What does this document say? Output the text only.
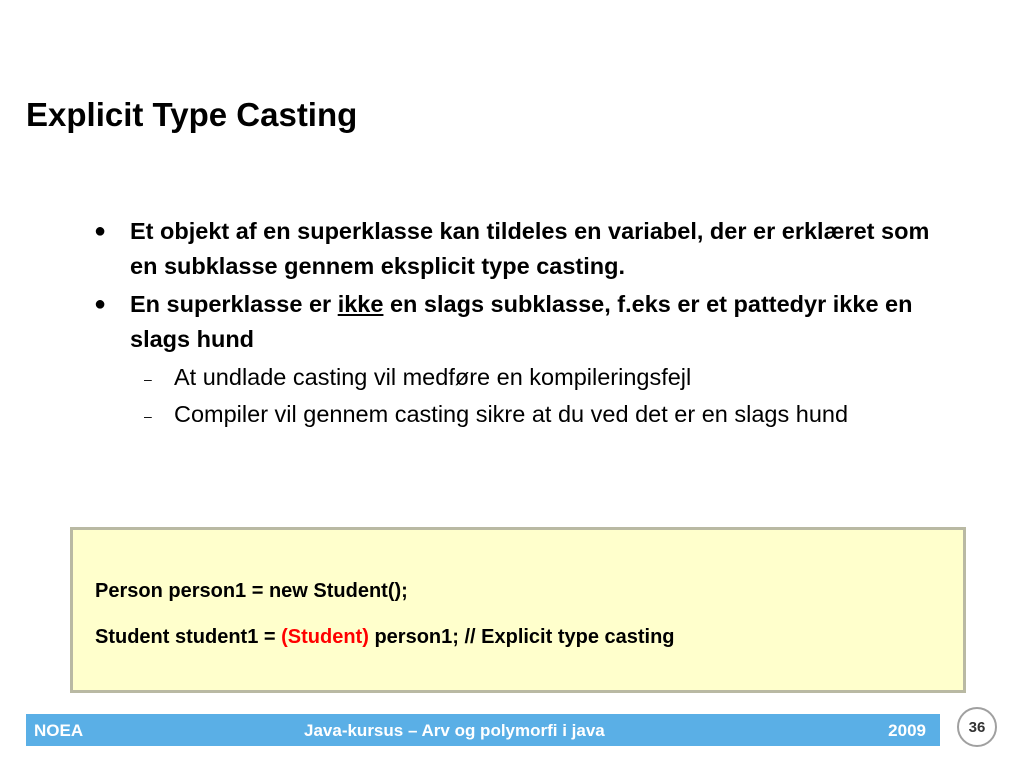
Explicit Type Casting
● Et objekt af en superklasse kan tildeles en variabel, der er erklæret som en subklasse gennem eksplicit type casting.
● En superklasse er ikke en slags subklasse, f.eks er et pattedyr ikke en slags hund
– At undlade casting vil medføre en kompileringsfejl
– Compiler vil gennem casting sikre at du ved det er en slags hund
Person person1 = new Student();
Student student1 = (Student) person1; // Explicit type casting
NOEA	Java-kursus – Arv og polymorfi i java	2009	36
